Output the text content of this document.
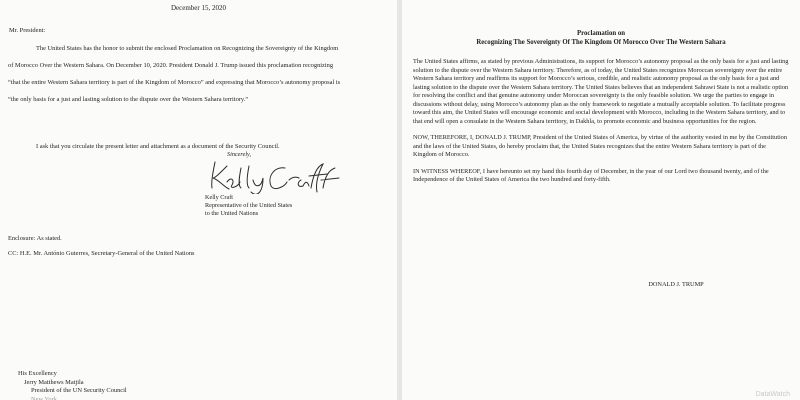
December 15, 2020
Mr. President:
The United States has the honor to submit the enclosed Proclamation on Recognizing the Sovereignty of the Kingdom of Morocco Over the Western Sahara. On December 10, 2020. President Donald J. Trump issued this proclamation recognizing “that the entire Western Sahara territory is part of the Kingdom of Morocco” and expressing that Morocco’s autonomy proposal is “the only basis for a just and lasting solution to the dispute over the Western Sahara territory.”
I ask that you circulate the present letter and attachment as a document of the Security Council.
Sincerely,
Kelly Craft
Representative of the United States
to the United Nations
Enclosure: As stated.
CC: H.E. Mr. António Guterres, Secretary-General of the United Nations
His Excellency
Jerry Matthews Matjila
President of the UN Security Council
New York
Proclamation on
Recognizing The Sovereignty Of The Kingdom Of Morocco Over The Western Sahara

The United States affirms, as stated by previous Administrations, its support for Morocco’s autonomy proposal as the only basis for a just and lasting solution to the dispute over the Western Sahara territory. Therefore, as of today, the United States recognizes Moroccan sovereignty over the entire Western Sahara territory and reaffirms its support for Morocco’s serious, credible, and realistic autonomy proposal as the only basis for a just and lasting solution to the dispute over the Western Sahara territory. The United States believes that an independent Sahrawi State is not a realistic option for resolving the conflict and that genuine autonomy under Moroccan sovereignty is the only feasible solution. We urge the parties to engage in discussions without delay, using Morocco’s autonomy plan as the only framework to negotiate a mutually acceptable solution. To facilitate progress toward this aim, the United States will encourage economic and social development with Morocco, including in the Western Sahara territory, and to that end will open a consulate in the Western Sahara territory, in Dakhla, to promote economic and business opportunities for the region.

NOW, THEREFORE, I, DONALD J. TRUMP, President of the United States of America, by virtue of the authority vested in me by the Constitution and the laws of the United States, do hereby proclaim that, the United States recognizes that the entire Western Sahara territory is part of the Kingdom of Morocco.

IN WITNESS WHEREOF, I have hereunto set my hand this fourth day of December, in the year of our Lord two thousand twenty, and of the Independence of the United States of America the two hundred and forty-fifth.

DONALD J. TRUMP
DataWatch
